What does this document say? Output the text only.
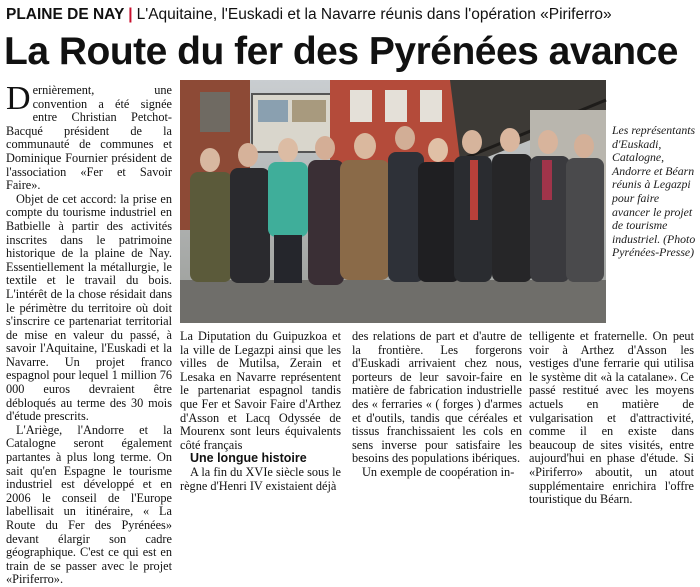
PLAINE DE NAY | L'Aquitaine, l'Euskadi et la Navarre réunis dans l'opération «Piriferro»
La Route du fer des Pyrénées avance

Dernièrement, une convention a été signée entre Christian Petchot-Bacqué président de la communauté de communes et Dominique Fournier président de l'association «Fer et Savoir Faire».

Objet de cet accord: la prise en compte du tourisme industriel en Batbielle à partir des activités inscrites dans le patrimoine historique de la plaine de Nay. Essentiellement la métallurgie, le textile et le travail du bois. L'intérêt de la chose résidait dans le périmètre du territoire où doit s'inscrire ce partenariat territorial de mise en valeur du passé, à savoir l'Aquitaine, l'Euskadi et la Navarre. Un projet franco espagnol pour lequel 1 million 76 000 euros devraient être débloqués au terme des 30 mois d'étude prescrits.

L'Ariège, l'Andorre et la Catalogne seront également partantes à plus long terme. On sait qu'en Espagne le tourisme industriel est développé et en 2006 le conseil de l'Europe labellisait un itinéraire, « La Route du Fer des Pyrénées» devant élargir son cadre géographique. C'est ce qui est en train de se passer avec le projet «Piriferro».

Les représentants d'Euskadi, Catalogne, Andorre et Béarn réunis à Legazpi pour faire avancer le projet de tourisme industriel. (Photo Pyrénées-Presse)

La Diputation du Guipuzkoa et la ville de Legazpi ainsi que les villes de Mutilsa, Zerain et Lesaka en Navarre représentent le partenariat espagnol tandis que Fer et Savoir Faire d'Arthez d'Asson et Lacq Odyssée de Mourenx sont leurs équivalents côté français

Une longue histoire

A la fin du XVIe siècle sous le règne d'Henri IV existaient déjà

des relations de part et d'autre de la frontière. Les forgerons d'Euskadi arrivaient chez nous, porteurs de leur savoir-faire en matière de fabrication industrielle des « ferraries « ( forges ) d'armes et d'outils, tandis que céréales et tissus franchissaient les cols en sens inverse pour satisfaire les besoins des populations ibériques.

Un exemple de coopération in-

telligente et fraternelle. On peut voir à Arthez d'Asson les vestiges d'une ferrarie qui utilisa le système dit «à la catalane». Ce passé restitué avec les moyens actuels en matière de vulgarisation et d'attractivité, comme il en existe dans beaucoup de sites visités, entre aujourd'hui en phase d'étude. Si «Piriferro» aboutit, un atout supplémentaire enrichira l'offre touristique du Béarn.
